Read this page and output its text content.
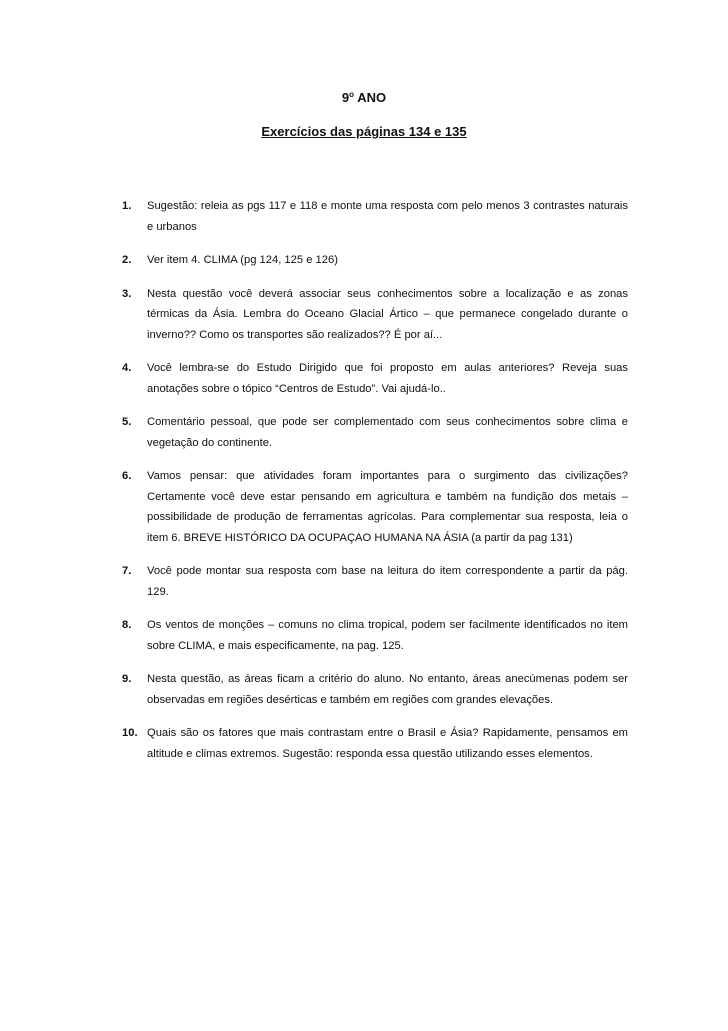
9$^o$ ANO
Exercícios das páginas 134 e 135
1. Sugestão: releia as pgs 117 e 118 e monte uma resposta com pelo menos 3 contrastes naturais e urbanos
2. Ver item 4. CLIMA (pg 124, 125 e 126)
3. Nesta questão você deverá associar seus conhecimentos sobre a localização e as zonas térmicas da Ásia. Lembra do Oceano Glacial Ártico – que permanece congelado durante o inverno?? Como os transportes são realizados?? É por aí...
4. Você lembra-se do Estudo Dirigido que foi proposto em aulas anteriores? Reveja suas anotações sobre o tópico “Centros de Estudo”. Vai ajudá-lo..
5. Comentário pessoal, que pode ser complementado com seus conhecimentos sobre clima e vegetação do continente.
6. Vamos pensar: que atividades foram importantes para o surgimento das civilizações? Certamente você deve estar pensando em agricultura e também na fundição dos metais – possibilidade de produção de ferramentas agrícolas. Para complementar sua resposta, leia o item 6. BREVE HISTÓRICO DA OCUPAÇAO HUMANA NA ÁSIA (a partir da pag 131)
7. Você pode montar sua resposta com base na leitura do item correspondente a partir da pág. 129.
8. Os ventos de monções – comuns no clima tropical, podem ser facilmente identificados no item sobre CLIMA, e mais especificamente, na pag. 125.
9. Nesta questão, as áreas ficam a critério do aluno. No entanto, áreas anecúmenas podem ser observadas em regiões desérticas e também em regiões com grandes elevações.
10. Quais são os fatores que mais contrastam entre o Brasil e Ásia? Rapidamente, pensamos em altitude e climas extremos. Sugestão: responda essa questão utilizando esses elementos.
